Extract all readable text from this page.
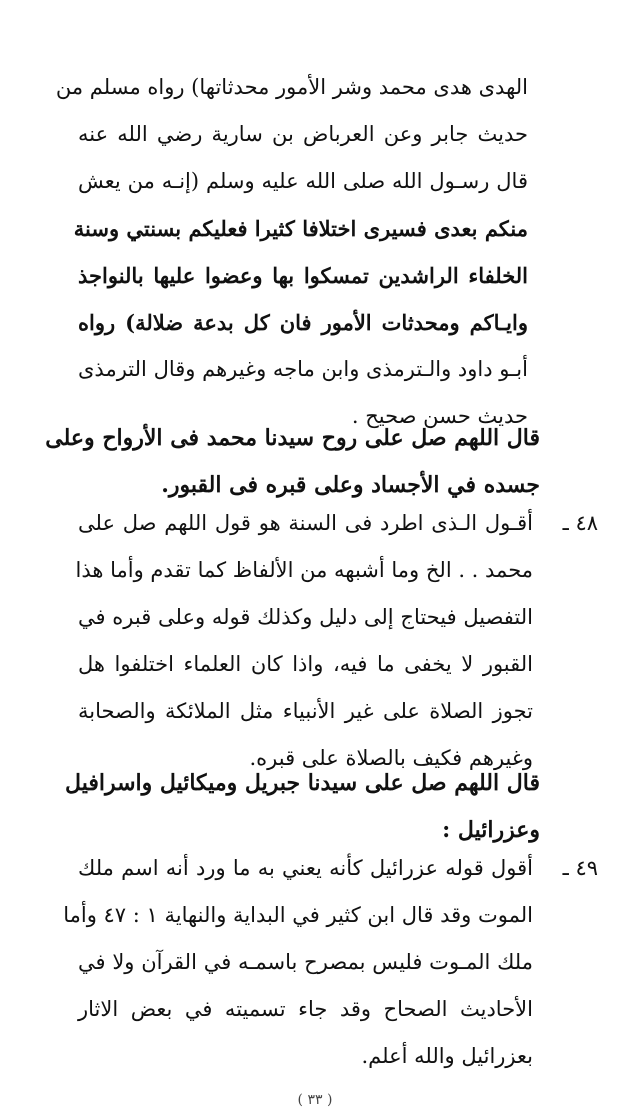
الهدى هدى محمد وشر الأمور محدثاتها) رواه مسلم من
حديث جابر وعن العرباض بن سارية رضي الله عنه
قال رسـول الله صلى الله عليه وسلم (إنـه من يعش
منكم بعدى فسيرى اختلافا كثيرا فعليكم بسنتي وسنة
الخلفاء الراشدين تمسكوا بها وعضوا عليها بالنواجذ
وايـاكم ومحدثات الأمور فان كل بدعة ضلالة) رواه
أبـو داود والـترمذى وابن ماجه وغيرهم وقال الترمذى
حديث حسن صحيح .
قال اللهم صل على روح سيدنا محمد فى الأرواح وعلى
جسده في الأجساد وعلى قبره فى القبور.
٤٨ ـ
أقـول الـذى اطرد فى السنة هو قول اللهم صل على
محمد . . الخ وما أشبهه من الألفاظ كما تقدم وأما هذا
التفصيل فيحتاج إلى دليل وكذلك قوله وعلى قبره في
القبور لا يخفى ما فيه، واذا كان العلماء اختلفوا هل
تجوز الصلاة على غير الأنبياء مثل الملائكة والصحابة
وغيرهم فكيف بالصلاة على قبره.
قال اللهم صل على سيدنا جبريل وميكائيل واسرافيل
وعزرائيل :
٤٩ ـ
أقول قوله عزرائيل كأنه يعني به ما ورد أنه اسم ملك
الموت وقد قال ابن كثير في البداية والنهاية ١ : ٤٧ وأما
ملك المـوت فليس بمصرح باسمـه في القرآن ولا في
الأحاديث الصحاح وقد جاء تسميته في بعض الاثار
بعزرائيل والله أعلم.
( ٣٣ )
